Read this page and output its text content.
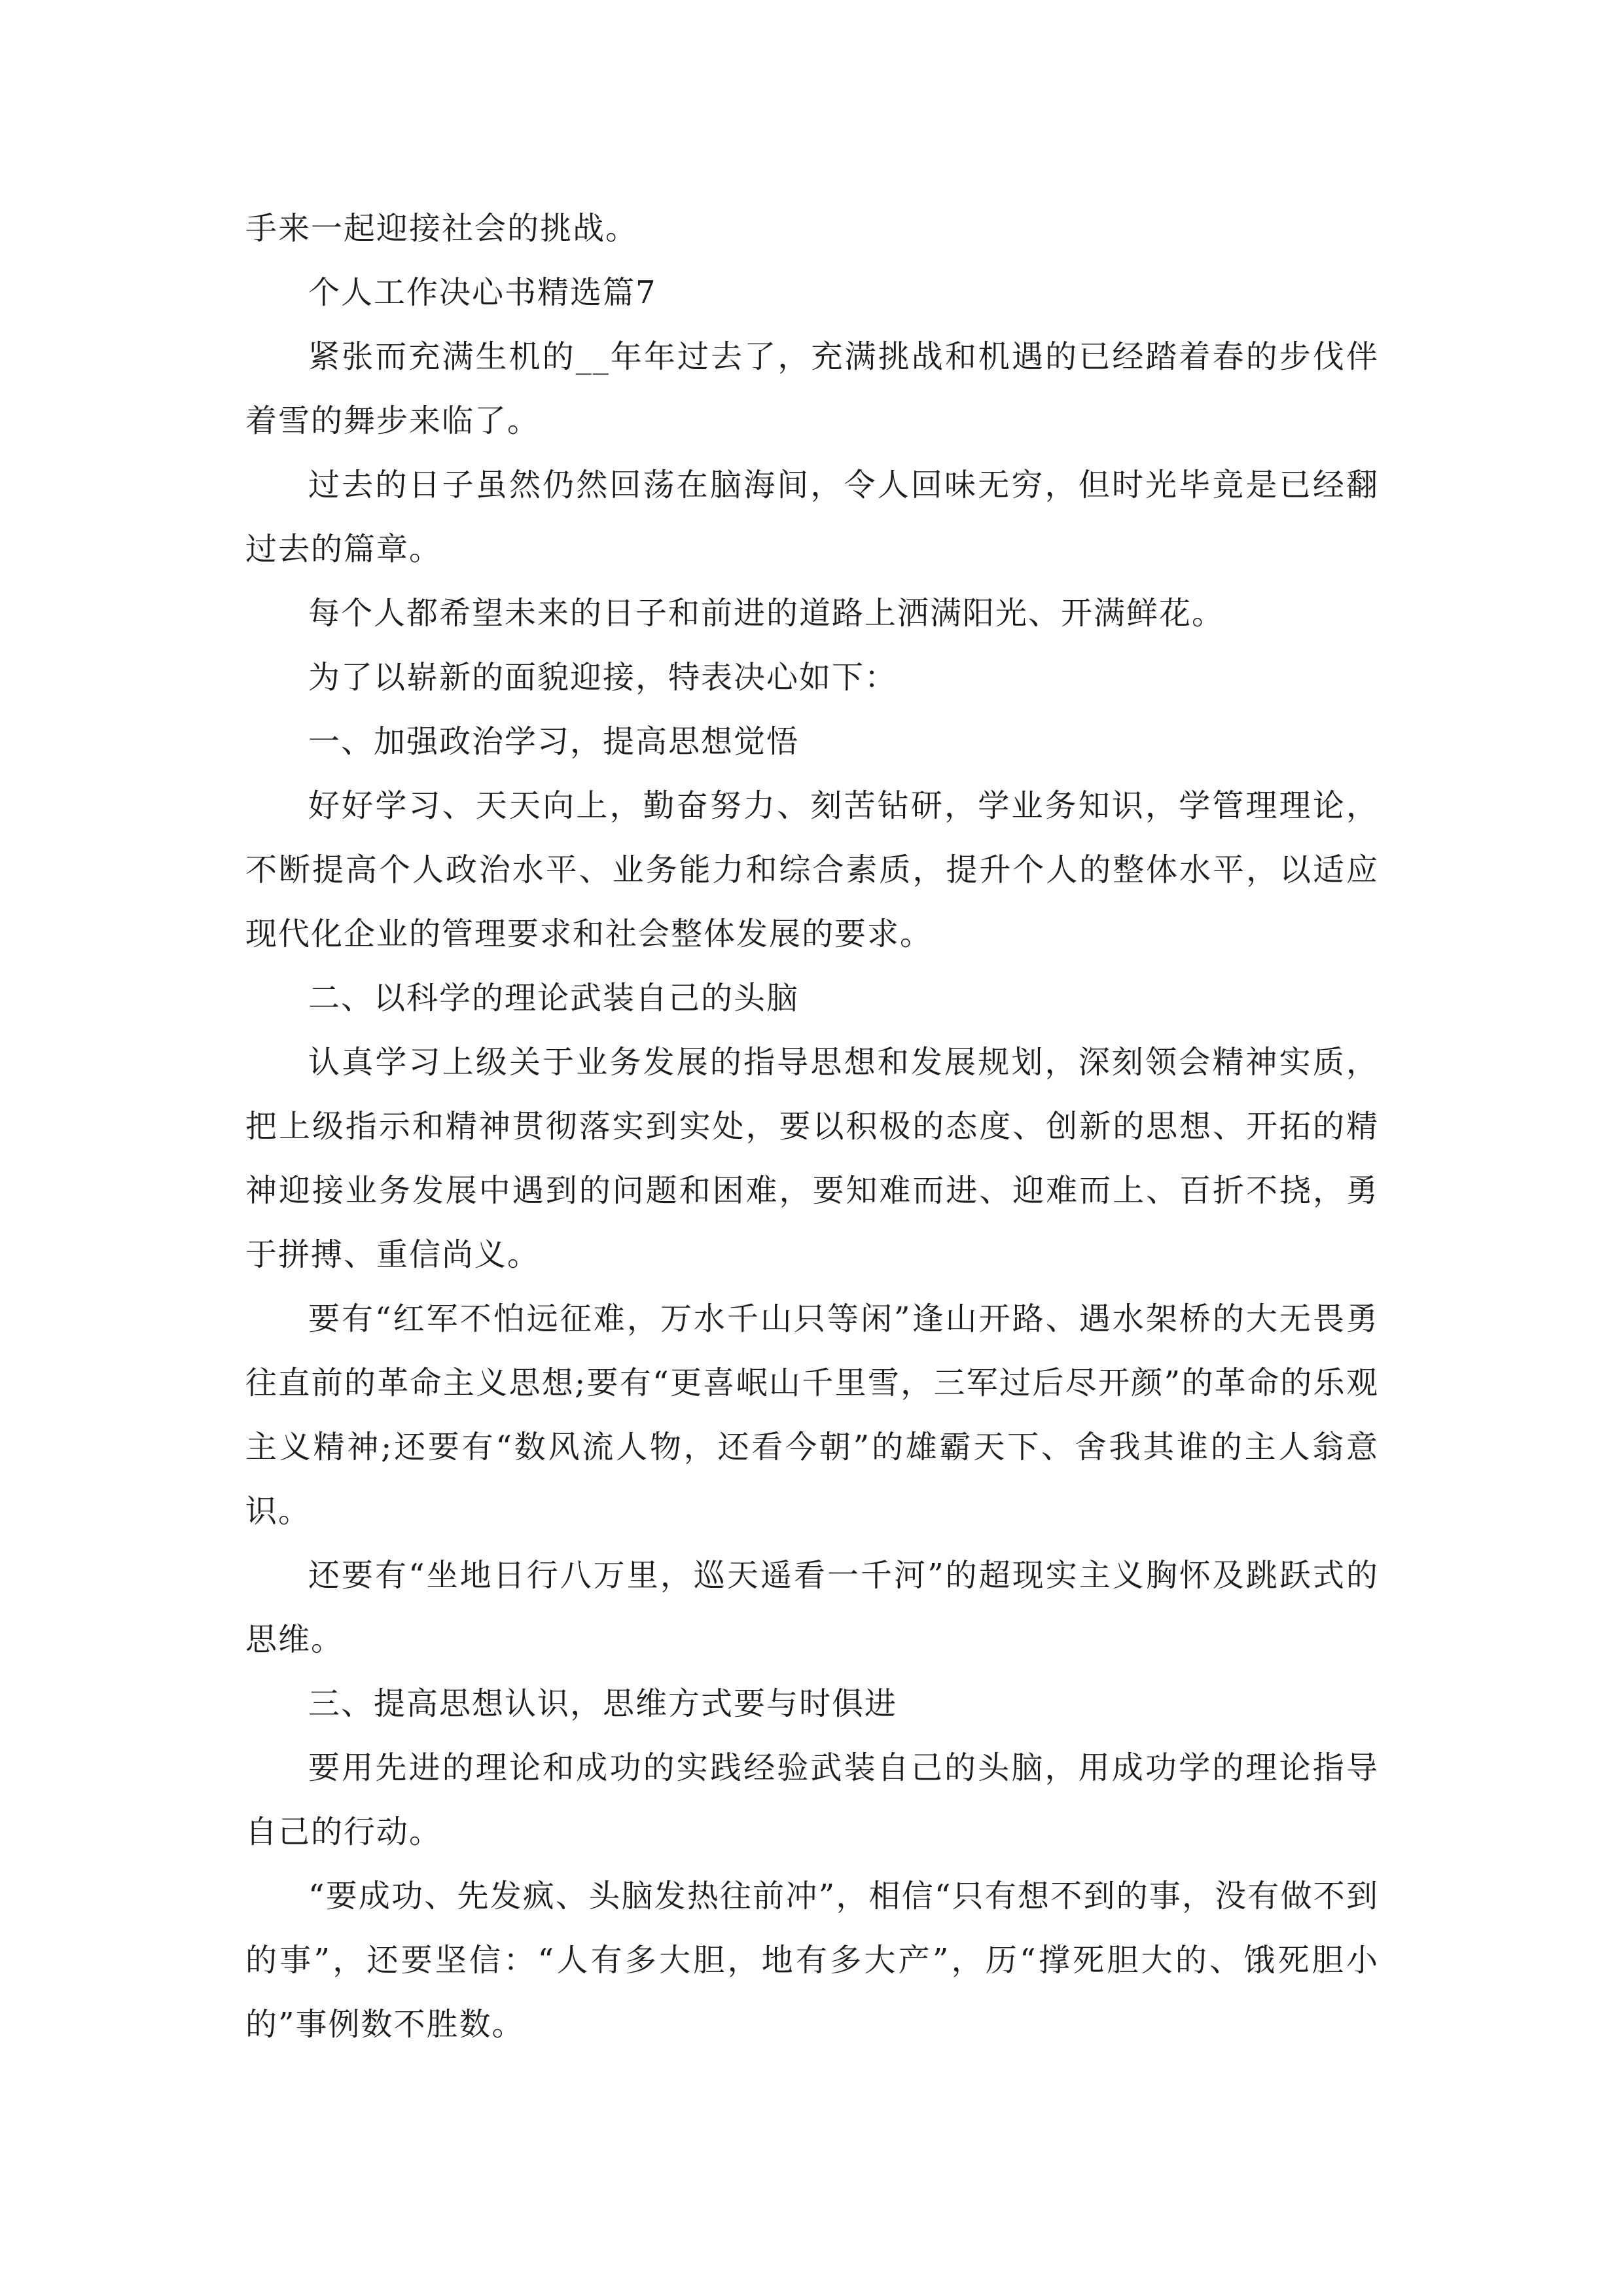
手来一起迎接社会的挑战。

个人工作决心书精选篇7

紧张而充满生机的__年年过去了，充满挑战和机遇的已经踏着春的步伐伴着雪的舞步来临了。

过去的日子虽然仍然回荡在脑海间，令人回味无穷，但时光毕竟是已经翻过去的篇章。

每个人都希望未来的日子和前进的道路上洒满阳光、开满鲜花。

为了以崭新的面貌迎接，特表决心如下：

一、加强政治学习，提高思想觉悟

好好学习、天天向上，勤奋努力、刻苦钻研，学业务知识，学管理理论，不断提高个人政治水平、业务能力和综合素质，提升个人的整体水平，以适应现代化企业的管理要求和社会整体发展的要求。

二、以科学的理论武装自己的头脑

认真学习上级关于业务发展的指导思想和发展规划，深刻领会精神实质，把上级指示和精神贯彻落实到实处，要以积极的态度、创新的思想、开拓的精神迎接业务发展中遇到的问题和困难，要知难而进、迎难而上、百折不挠，勇于拼搏、重信尚义。

要有“红军不怕远征难，万水千山只等闲”逢山开路、遇水架桥的大无畏勇往直前的革命主义思想;要有“更喜岷山千里雪，三军过后尽开颜”的革命的乐观主义精神;还要有“数风流人物，还看今朝”的雄霸天下、舍我其谁的主人翁意识。

还要有“坐地日行八万里，巡天遥看一千河”的超现实主义胸怀及跳跃式的思维。

三、提高思想认识，思维方式要与时俱进

要用先进的理论和成功的实践经验武装自己的头脑，用成功学的理论指导自己的行动。

“要成功、先发疯、头脑发热往前冲”，相信“只有想不到的事，没有做不到的事”，还要坚信：“人有多大胆，地有多大产”，历“撑死胆大的、饿死胆小的”事例数不胜数。
